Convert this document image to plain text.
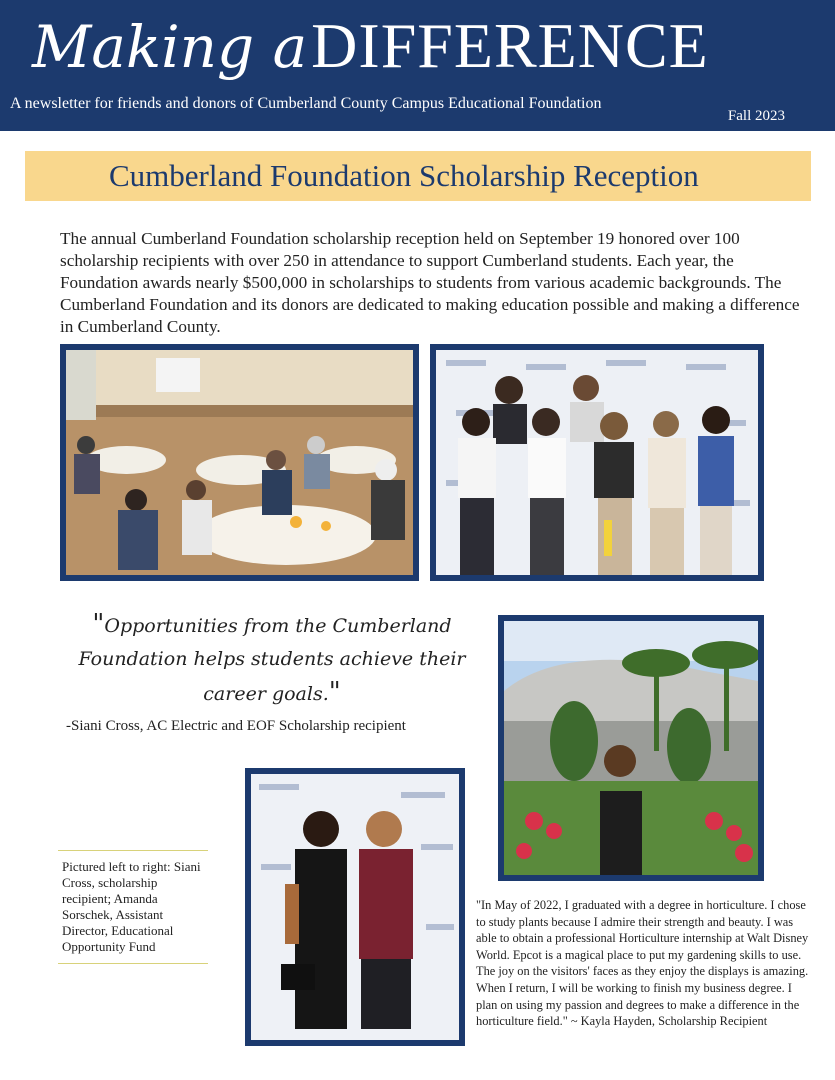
Making a DIFFERENCE
A newsletter for friends and donors of Cumberland County Campus Educational Foundation
Fall 2023
Cumberland Foundation Scholarship Reception
The annual Cumberland Foundation scholarship reception held on September 19 honored over 100 scholarship recipients with over 250 in attendance to support Cumberland students. Each year, the Foundation awards nearly $500,000 in scholarships to students from various academic backgrounds. The Cumberland Foundation and its donors are dedicated to making education possible and making a difference in Cumberland County.
"Opportunities from the Cumberland Foundation helps students achieve their career goals."
-Siani Cross, AC Electric and EOF Scholarship recipient
Pictured left to right: Siani Cross, scholarship recipient; Amanda Sorschek, Assistant Director, Educational Opportunity Fund
"In May of 2022, I graduated with a degree in horticulture. I chose to study plants because I admire their strength and beauty. I was able to obtain a professional Horticulture internship at Walt Disney World. Epcot is a magical place to put my gardening skills to use. The joy on the visitors' faces as they enjoy the displays is amazing. When I return, I will be working to finish my business degree. I plan on using my passion and degrees to make a difference in the horticulture field." ~ Kayla Hayden, Scholarship Recipient
